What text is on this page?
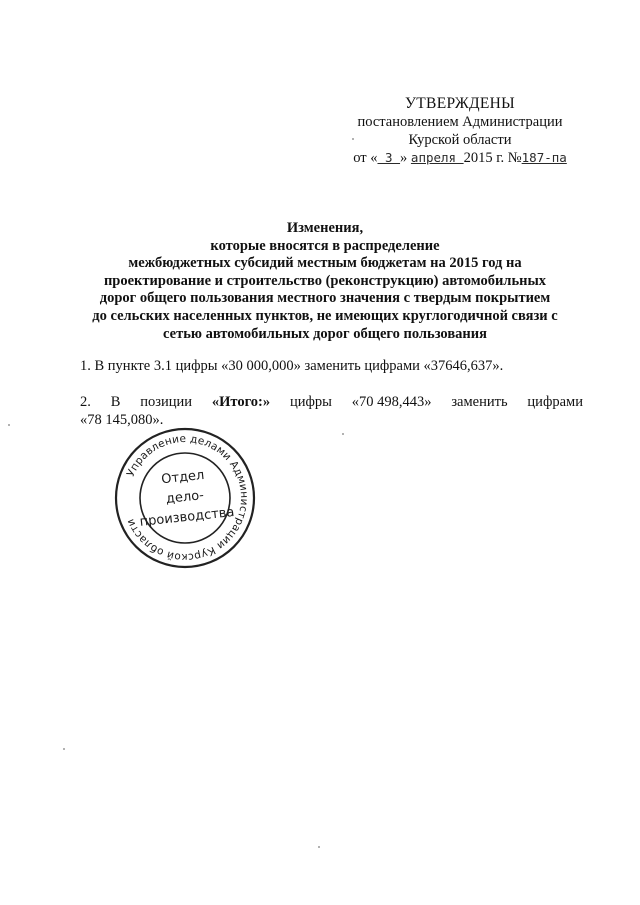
УТВЕРЖДЕНЫ
постановлением Администрации
Курской области
от « 3 » апреля 2015 г. №187-па
Изменения,
которые вносятся в распределение
межбюджетных субсидий местным бюджетам на 2015 год на
проектирование и строительство (реконструкцию) автомобильных
дорог общего пользования местного значения с твердым покрытием
до сельских населенных пунктов, не имеющих круглогодичной связи с
сетью автомобильных дорог общего пользования
1. В пункте 3.1 цифры «30 000,000» заменить цифрами «37646,637».
2. В позиции «Итого:» цифры «70 498,443» заменить цифрами
«78 145,080».
Управление делами Администрации Курской области
Отдел
дело-
производства
